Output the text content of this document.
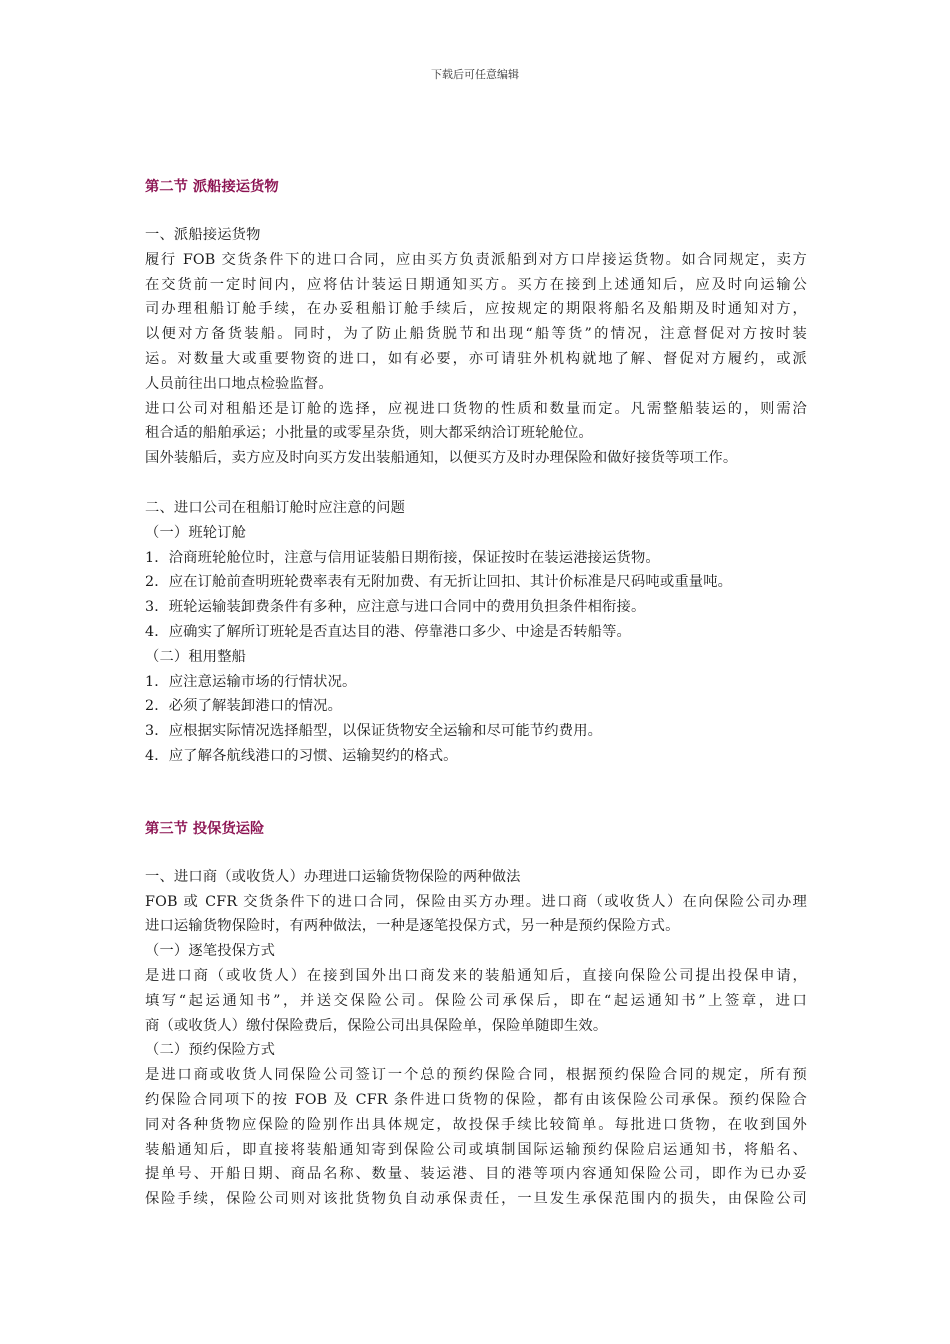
下载后可任意编辑
第二节 派船接运货物
一、派船接运货物
履行 FOB 交货条件下的进口合同，应由买方负责派船到对方口岸接运货物。如合同规定，卖方
在交货前一定时间内，应将估计装运日期通知买方。买方在接到上述通知后，应及时向运输公
司办理租船订舱手续，在办妥租船订舱手续后，应按规定的期限将船名及船期及时通知对方，
以便对方备货装船。同时，为了防止船货脱节和出现“船等货”的情况，注意督促对方按时装
运。对数量大或重要物资的进口，如有必要，亦可请驻外机构就地了解、督促对方履约，或派
人员前往出口地点检验监督。
进口公司对租船还是订舱的选择，应视进口货物的性质和数量而定。凡需整船装运的，则需洽
租合适的船舶承运；小批量的或零星杂货，则大都采纳洽订班轮舱位。
国外装船后，卖方应及时向买方发出装船通知，以便买方及时办理保险和做好接货等项工作。
二、进口公司在租船订舱时应注意的问题
（一）班轮订舱
1．洽商班轮舱位时，注意与信用证装船日期衔接，保证按时在装运港接运货物。
2．应在订舱前查明班轮费率表有无附加费、有无折让回扣、其计价标准是尺码吨或重量吨。
3．班轮运输装卸费条件有多种，应注意与进口合同中的费用负担条件相衔接。
4．应确实了解所订班轮是否直达目的港、停靠港口多少、中途是否转船等。
（二）租用整船
1．应注意运输市场的行情状况。
2．必须了解装卸港口的情况。
3．应根据实际情况选择船型，以保证货物安全运输和尽可能节约费用。
4．应了解各航线港口的习惯、运输契约的格式。
第三节 投保货运险
一、进口商（或收货人）办理进口运输货物保险的两种做法
FOB 或 CFR 交货条件下的进口合同，保险由买方办理。进口商（或收货人）在向保险公司办理
进口运输货物保险时，有两种做法，一种是逐笔投保方式，另一种是预约保险方式。
（一）逐笔投保方式
是进口商（或收货人）在接到国外出口商发来的装船通知后，直接向保险公司提出投保申请，
填写“起运通知书”，并送交保险公司。保险公司承保后，即在“起运通知书”上签章，进口
商（或收货人）缴付保险费后，保险公司出具保险单，保险单随即生效。
（二）预约保险方式
是进口商或收货人同保险公司签订一个总的预约保险合同，根据预约保险合同的规定，所有预
约保险合同项下的按 FOB 及 CFR 条件进口货物的保险，都有由该保险公司承保。预约保险合
同对各种货物应保险的险别作出具体规定，故投保手续比较简单。每批进口货物，在收到国外
装船通知后，即直接将装船通知寄到保险公司或填制国际运输预约保险启运通知书，将船名、
提单号、开船日期、商品名称、数量、装运港、目的港等项内容通知保险公司，即作为已办妥
保险手续，保险公司则对该批货物负自动承保责任，一旦发生承保范围内的损失，由保险公司
